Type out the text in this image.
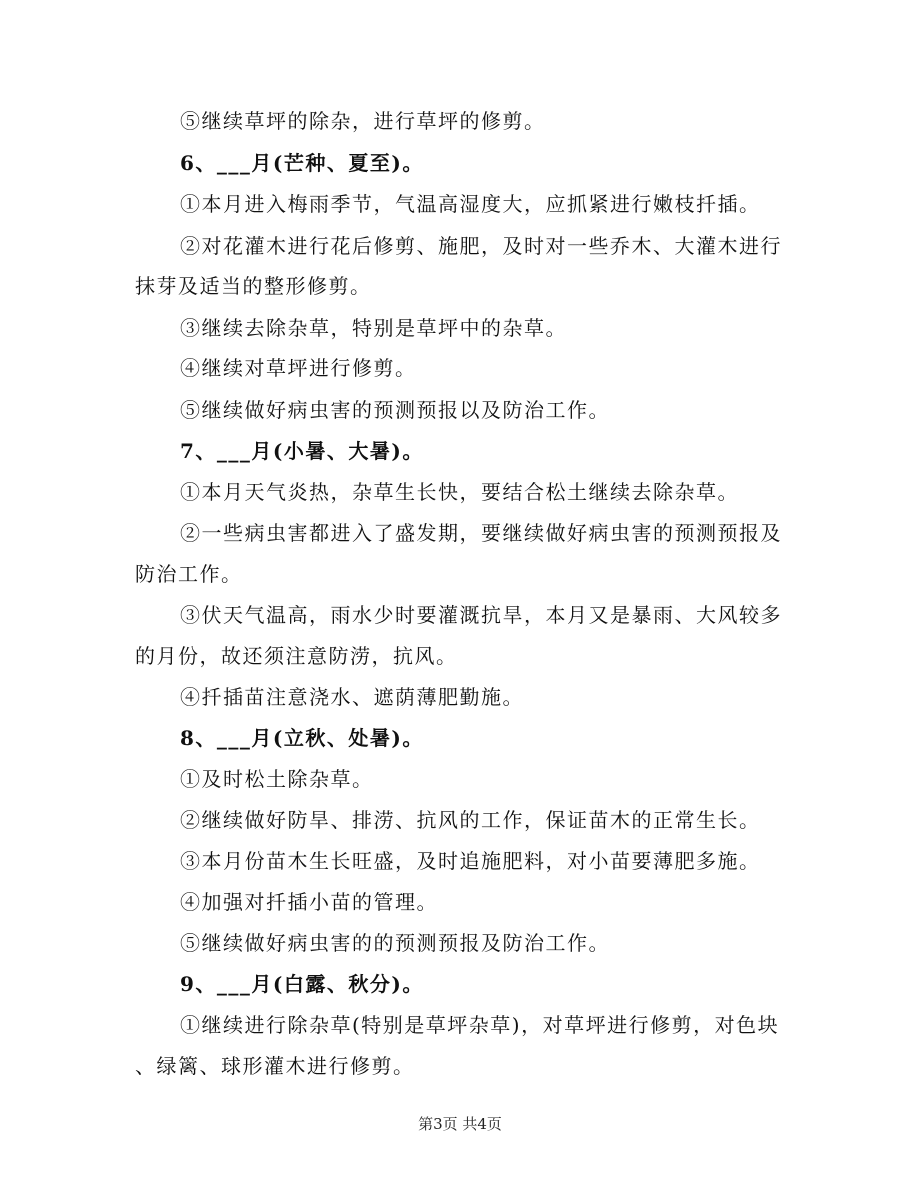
⑤继续草坪的除杂，进行草坪的修剪。
6、___月(芒种、夏至)。
①本月进入梅雨季节，气温高湿度大，应抓紧进行嫩枝扦插。
②对花灌木进行花后修剪、施肥，及时对一些乔木、大灌木进行
抹芽及适当的整形修剪。
③继续去除杂草，特别是草坪中的杂草。
④继续对草坪进行修剪。
⑤继续做好病虫害的预测预报以及防治工作。
7、___月(小暑、大暑)。
①本月天气炎热，杂草生长快，要结合松土继续去除杂草。
②一些病虫害都进入了盛发期，要继续做好病虫害的预测预报及
防治工作。
③伏天气温高，雨水少时要灌溉抗旱，本月又是暴雨、大风较多
的月份，故还须注意防涝，抗风。
④扦插苗注意浇水、遮荫薄肥勤施。
8、___月(立秋、处暑)。
①及时松土除杂草。
②继续做好防旱、排涝、抗风的工作，保证苗木的正常生长。
③本月份苗木生长旺盛，及时追施肥料，对小苗要薄肥多施。
④加强对扦插小苗的管理。
⑤继续做好病虫害的的预测预报及防治工作。
9、___月(白露、秋分)。
①继续进行除杂草(特别是草坪杂草)，对草坪进行修剪，对色块
、绿篱、球形灌木进行修剪。
第3页 共4页
